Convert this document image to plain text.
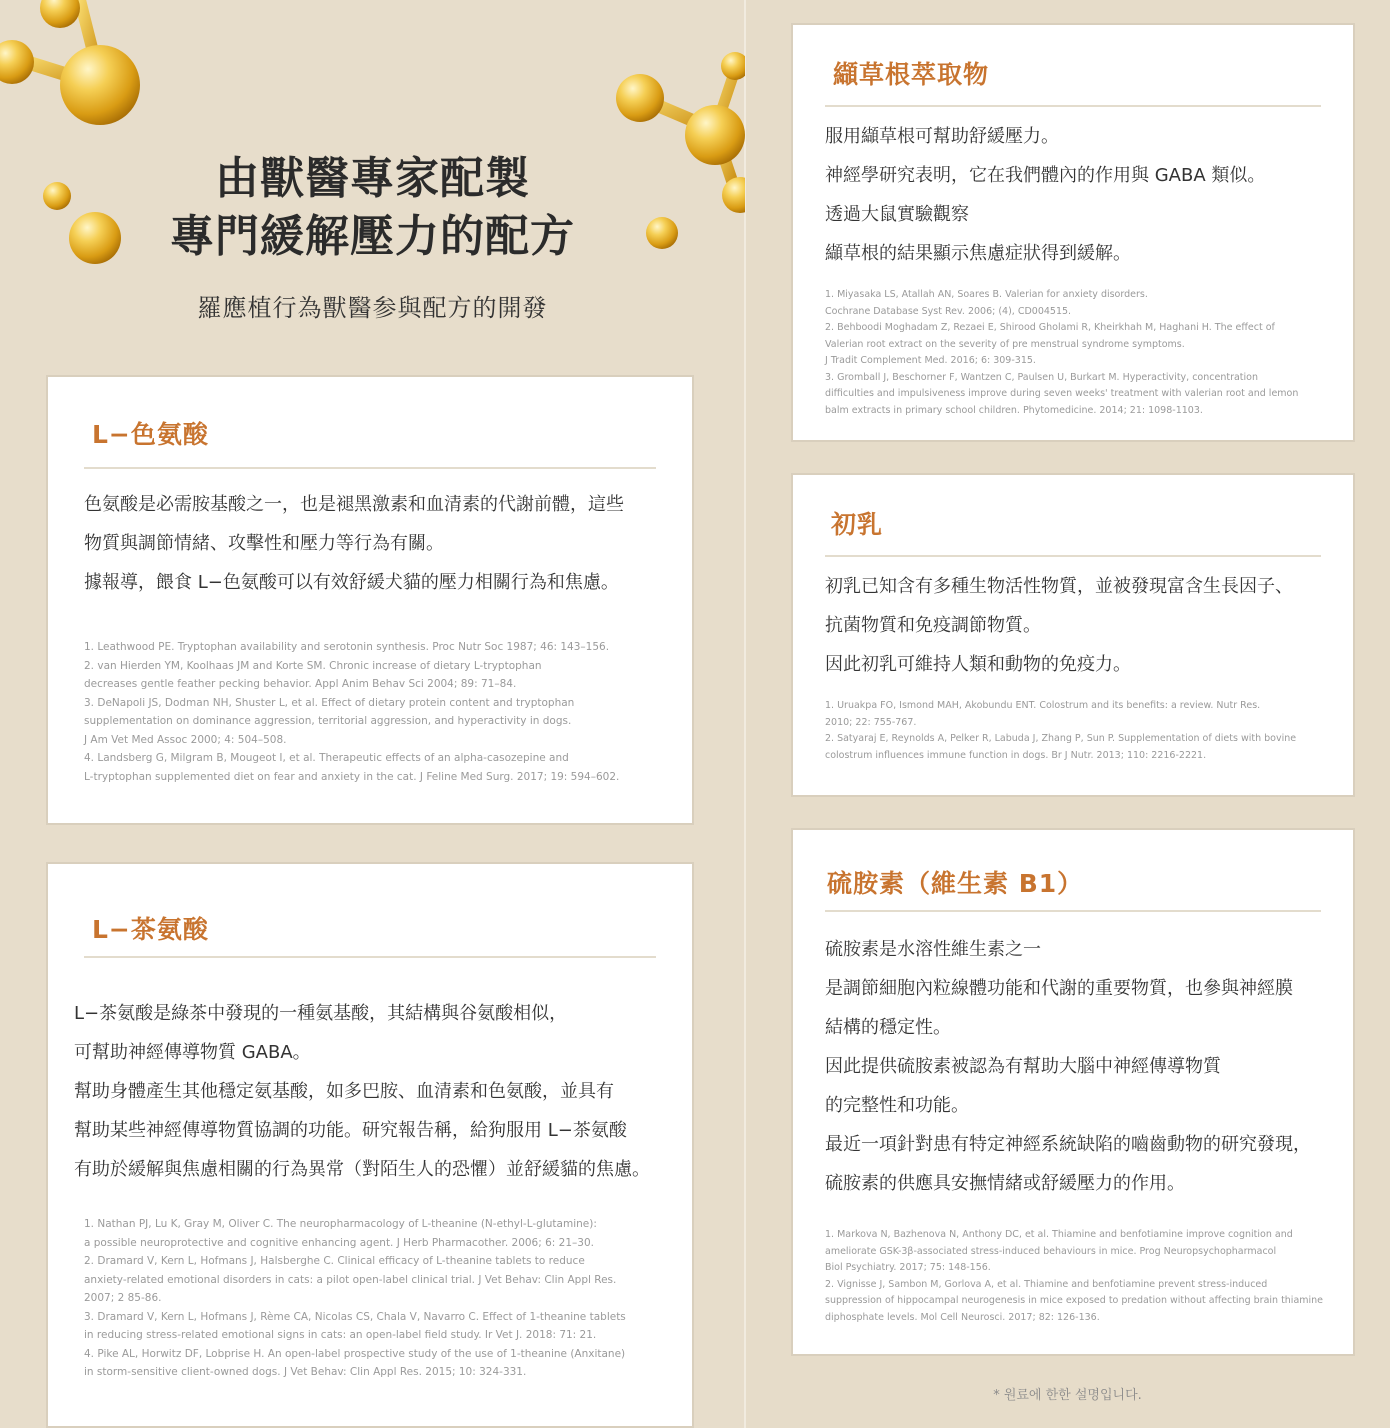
由獸醫專家配製
專門緩解壓力的配方
羅應植行為獸醫参與配方的開發
L−色氨酸
色氨酸是必需胺基酸之一，也是褪黑激素和血清素的代謝前體，這些
物質與調節情緒、攻擊性和壓力等行為有關。
據報導，餵食 L−色氨酸可以有效舒緩犬貓的壓力相關行為和焦慮。
1. Leathwood PE. Tryptophan availability and serotonin synthesis. Proc Nutr Soc 1987; 46: 143–156.
2. van Hierden YM, Koolhaas JM and Korte SM. Chronic increase of dietary L-tryptophan
decreases gentle feather pecking behavior. Appl Anim Behav Sci 2004; 89: 71–84.
3. DeNapoli JS, Dodman NH, Shuster L, et al. Effect of dietary protein content and tryptophan
supplementation on dominance aggression, territorial aggression, and hyperactivity in dogs.
J Am Vet Med Assoc 2000; 4: 504–508.
4. Landsberg G, Milgram B, Mougeot I, et al. Therapeutic effects of an alpha-casozepine and
L-tryptophan supplemented diet on fear and anxiety in the cat. J Feline Med Surg. 2017; 19: 594–602.
L−茶氨酸
L−茶氨酸是綠茶中發現的一種氨基酸，其結構與谷氨酸相似，
可幫助神經傳導物質 GABA。
幫助身體產生其他穩定氨基酸，如多巴胺、血清素和色氨酸，並具有
幫助某些神經傳導物質協調的功能。研究報告稱，給狗服用 L−茶氨酸
有助於緩解與焦慮相關的行為異常（對陌生人的恐懼）並舒緩貓的焦慮。
1. Nathan PJ, Lu K, Gray M, Oliver C. The neuropharmacology of L-theanine (N-ethyl-L-glutamine):
a possible neuroprotective and cognitive enhancing agent. J Herb Pharmacother. 2006; 6: 21–30.
2. Dramard V, Kern L, Hofmans J, Halsberghe C. Clinical efficacy of L-theanine tablets to reduce
anxiety-related emotional disorders in cats: a pilot open-label clinical trial. J Vet Behav: Clin Appl Res.
2007; 2 85-86.
3. Dramard V, Kern L, Hofmans J, Rème CA, Nicolas CS, Chala V, Navarro C. Effect of 1-theanine tablets
in reducing stress-related emotional signs in cats: an open-label field study. Ir Vet J. 2018: 71: 21.
4. Pike AL, Horwitz DF, Lobprise H. An open-label prospective study of the use of 1-theanine (Anxitane)
in storm-sensitive client-owned dogs. J Vet Behav: Clin Appl Res. 2015; 10: 324-331.
纈草根萃取物
服用纈草根可幫助舒緩壓力。
神經學研究表明，它在我們體內的作用與 GABA 類似。
透過大鼠實驗觀察
纈草根的結果顯示焦慮症狀得到緩解。
1. Miyasaka LS, Atallah AN, Soares B. Valerian for anxiety disorders.
Cochrane Database Syst Rev. 2006; (4), CD004515.
2. Behboodi Moghadam Z, Rezaei E, Shirood Gholami R, Kheirkhah M, Haghani H. The effect of
Valerian root extract on the severity of pre menstrual syndrome symptoms.
J Tradit Complement Med. 2016; 6: 309-315.
3. Gromball J, Beschorner F, Wantzen C, Paulsen U, Burkart M. Hyperactivity, concentration
difficulties and impulsiveness improve during seven weeks' treatment with valerian root and lemon
balm extracts in primary school children. Phytomedicine. 2014; 21: 1098-1103.
初乳
初乳已知含有多種生物活性物質，並被發現富含生長因子、
抗菌物質和免疫調節物質。
因此初乳可維持人類和動物的免疫力。
1. Uruakpa FO, Ismond MAH, Akobundu ENT. Colostrum and its benefits: a review. Nutr Res.
2010; 22: 755-767.
2. Satyaraj E, Reynolds A, Pelker R, Labuda J, Zhang P, Sun P. Supplementation of diets with bovine
colostrum influences immune function in dogs. Br J Nutr. 2013; 110: 2216-2221.
硫胺素（維生素 B1）
硫胺素是水溶性維生素之一
是調節細胞內粒線體功能和代謝的重要物質，也參與神經膜
結構的穩定性。
因此提供硫胺素被認為有幫助大腦中神經傳導物質
的完整性和功能。
最近一項針對患有特定神經系統缺陷的嚙齒動物的研究發現，
硫胺素的供應具安撫情緒或舒緩壓力的作用。
1. Markova N, Bazhenova N, Anthony DC, et al. Thiamine and benfotiamine improve cognition and
ameliorate GSK-3β-associated stress-induced behaviours in mice. Prog Neuropsychopharmacol
Biol Psychiatry. 2017; 75: 148-156.
2. Vignisse J, Sambon M, Gorlova A, et al. Thiamine and benfotiamine prevent stress-induced
suppression of hippocampal neurogenesis in mice exposed to predation without affecting brain thiamine
diphosphate levels. Mol Cell Neurosci. 2017; 82: 126-136.
* 원료에 한한 설명입니다.
